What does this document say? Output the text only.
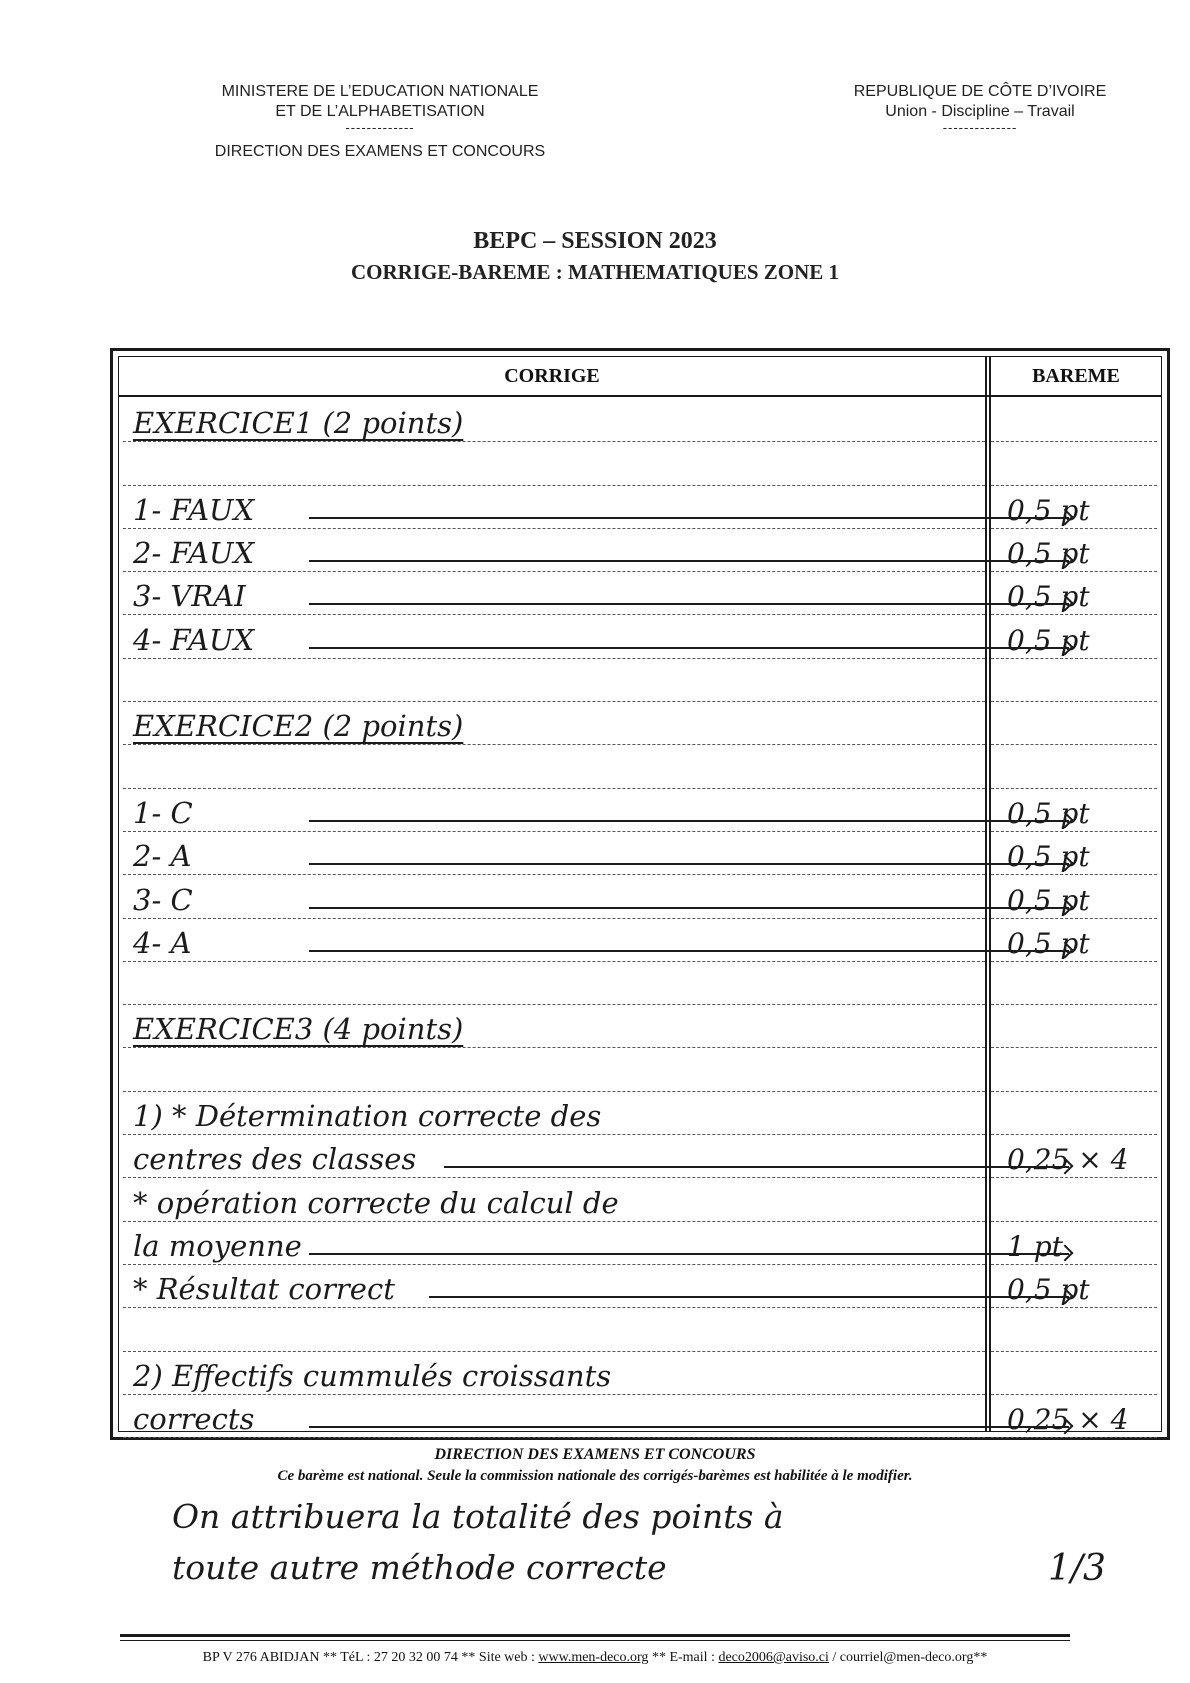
MINISTERE DE L’EDUCATION NATIONALE
ET DE L’ALPHABETISATION
-------------
DIRECTION DES EXAMENS ET CONCOURS
REPUBLIQUE DE CÔTE D’IVOIRE
Union - Discipline – Travail
--------------
BEPC – SESSION 2023
CORRIGE-BAREME : MATHEMATIQUES ZONE 1
CORRIGE	BAREME
EXERCICE1 (2 points)
1- FAUX	0,5 pt
2- FAUX	0,5 pt
3- VRAI	0,5 pt
4- FAUX	0,5 pt
EXERCICE2 (2 points)
1- C	0,5 pt
2- A	0,5 pt
3- C	0,5 pt
4- A	0,5 pt
EXERCICE3 (4 points)
1) * Détermination correcte des
centres des classes	0,25 × 4
* opération correcte du calcul de
la moyenne	1 pt
* Résultat correct	0,5 pt
2) Effectifs cummulés croissants
corrects	0,25 × 4
DIRECTION DES EXAMENS ET CONCOURS
Ce barème est national. Seule la commission nationale des corrigés-barèmes est habilitée à le modifier.
On attribuera la totalité des points à
toute autre méthode correcte	1/3
BP V 276 ABIDJAN ** TéL : 27 20 32 00 74 ** Site web : www.men-deco.org ** E-mail : deco2006@aviso.ci / courriel@men-deco.org**
